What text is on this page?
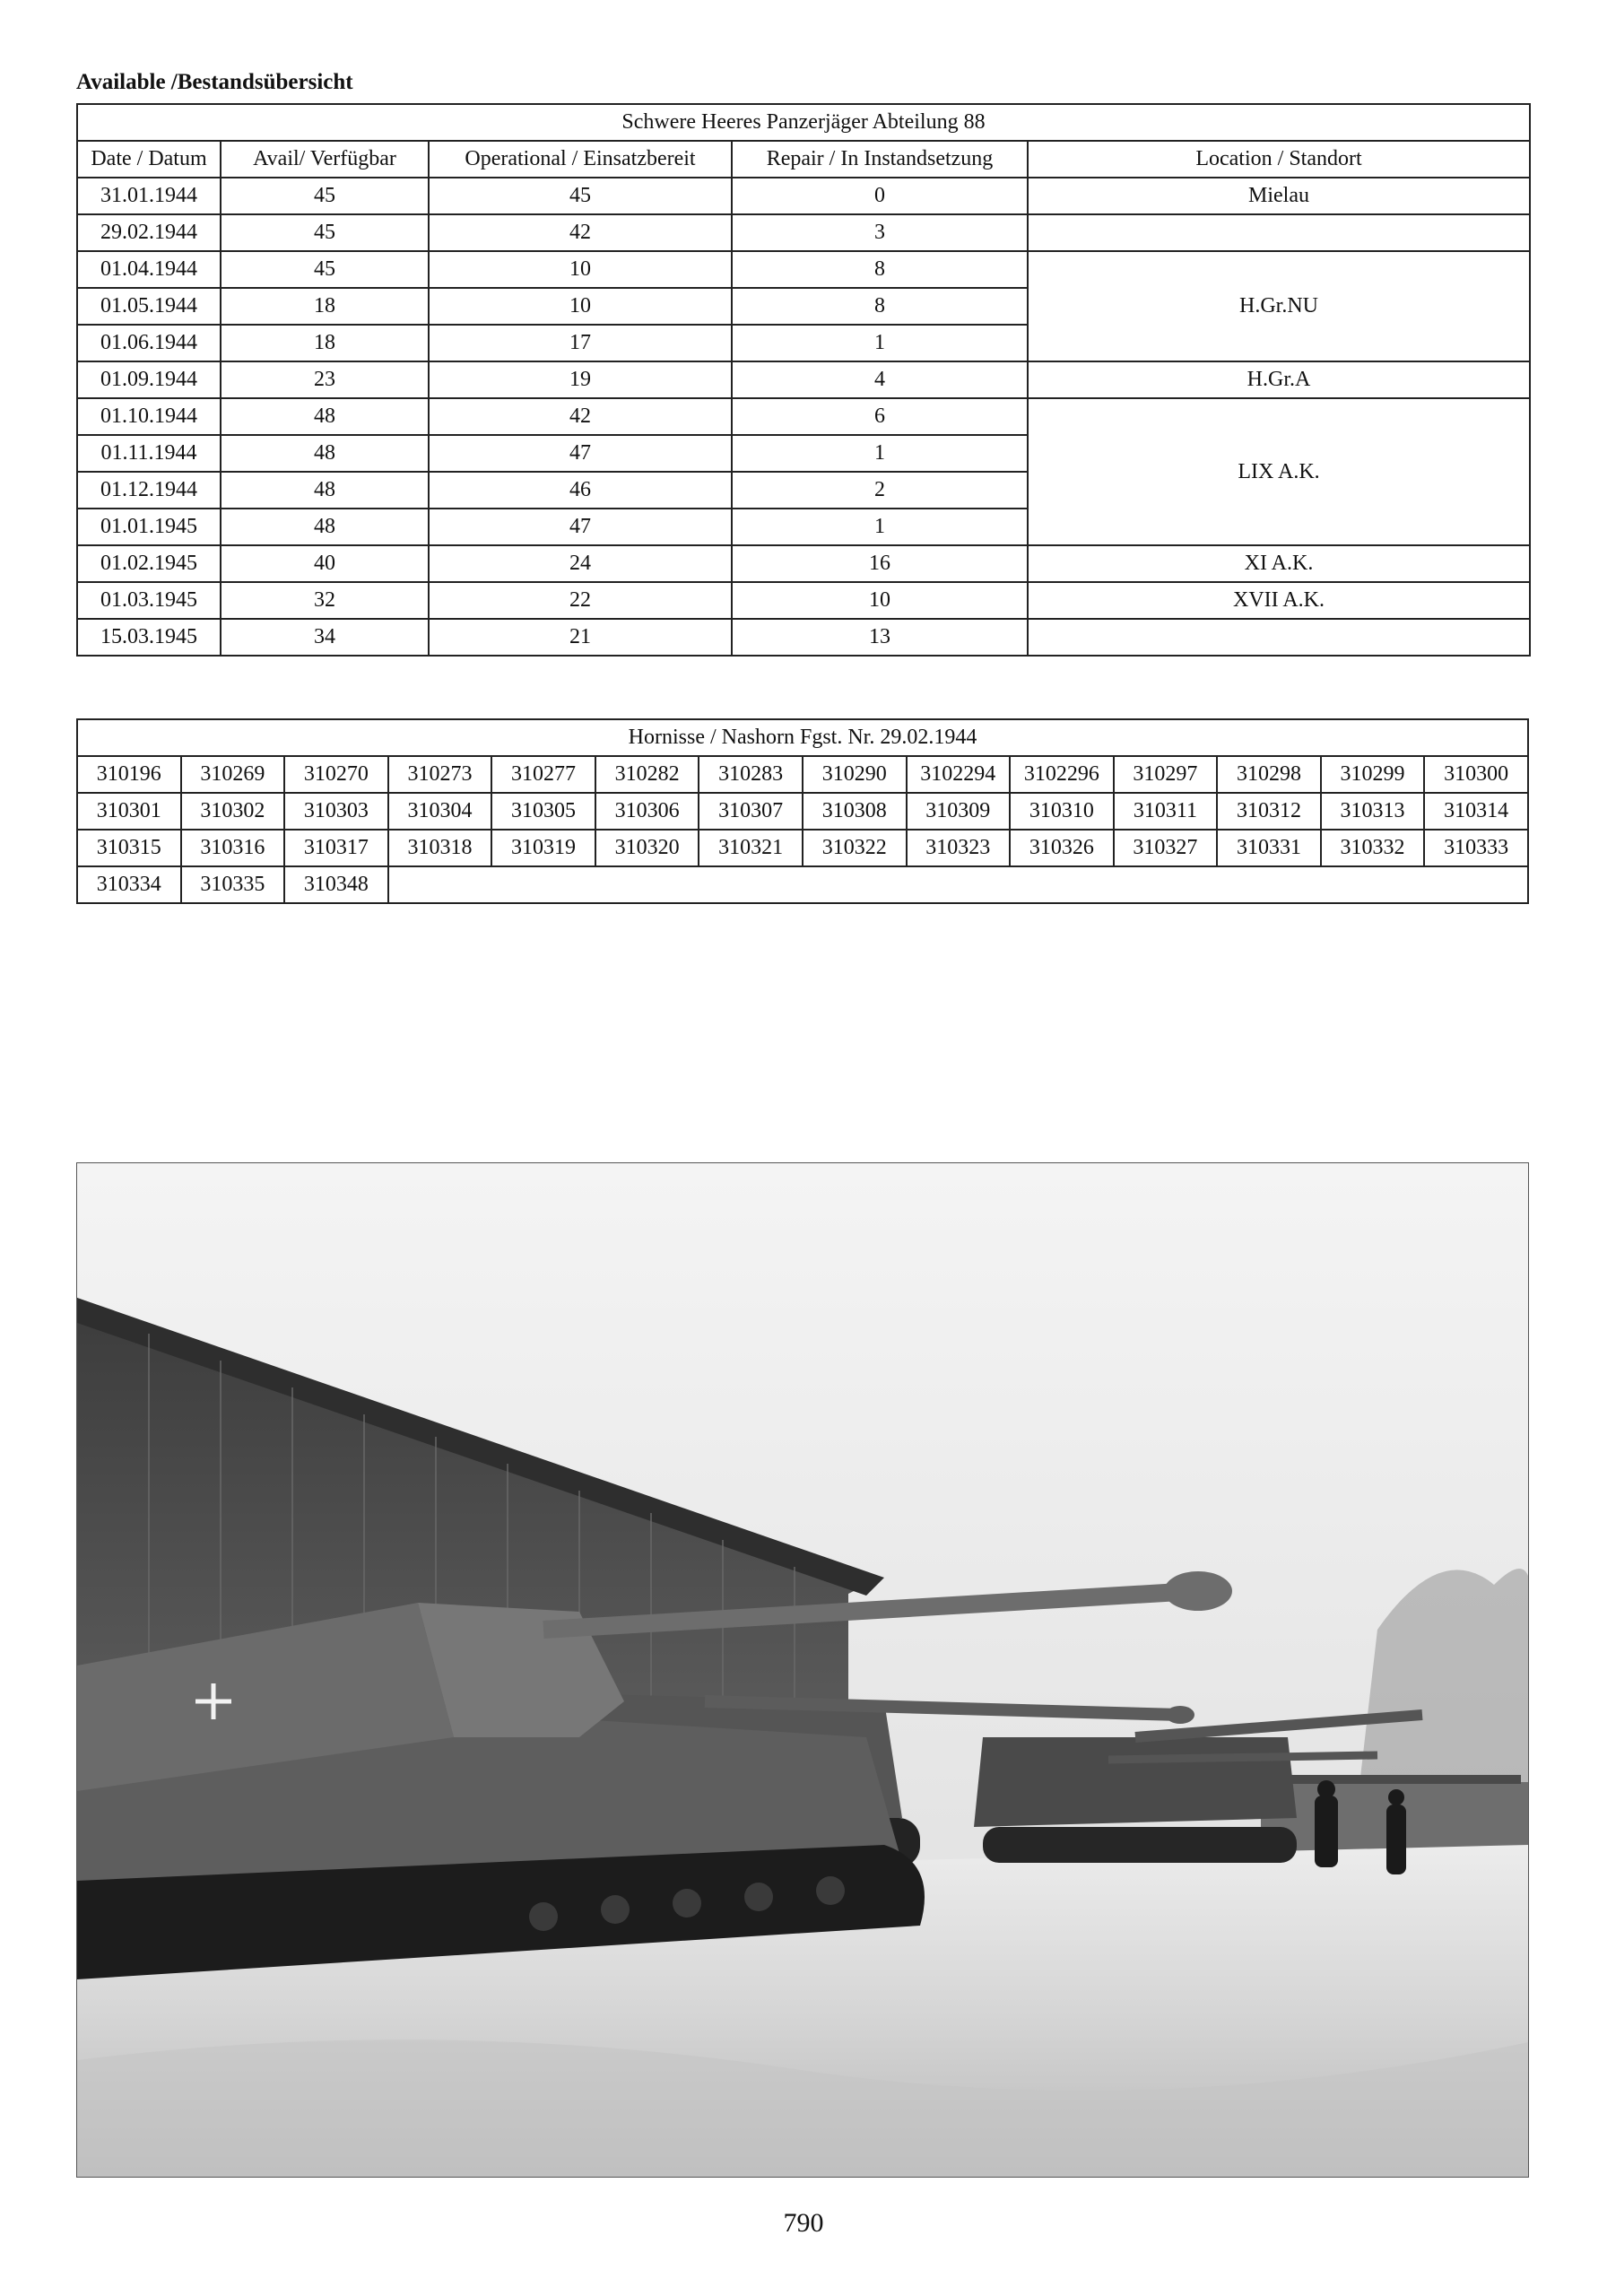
Available /Bestandsübersicht
Schwere Heeres Panzerjäger Abteilung 88				
Date / Datum	Avail/ Verfügbar	Operational / Einsatzbereit	Repair / In Instandsetzung	Location / Standort
31.01.1944	45	45	0	Mielau
29.02.1944	45	42	3	
01.04.1944	45	10	8	H.Gr.NU
01.05.1944	18	10	8	
01.06.1944	18	17	1	
01.09.1944	23	19	4	H.Gr.A
01.10.1944	48	42	6	LIX A.K.
01.11.1944	48	47	1	
01.12.1944	48	46	2	
01.01.1945	48	47	1	
01.02.1945	40	24	16	XI A.K.
01.03.1945	32	22	10	XVII A.K.
15.03.1945	34	21	13	
Hornisse / Nashorn Fgst. Nr. 29.02.1944													
310196	310269	310270	310273	310277	310282	310283	310290	3102294	3102296	310297	310298	310299	310300
310301	310302	310303	310304	310305	310306	310307	310308	310309	310310	310311	310312	310313	310314
310315	310316	310317	310318	310319	310320	310321	310322	310323	310326	310327	310331	310332	310333
310334	310335	310348											
790
